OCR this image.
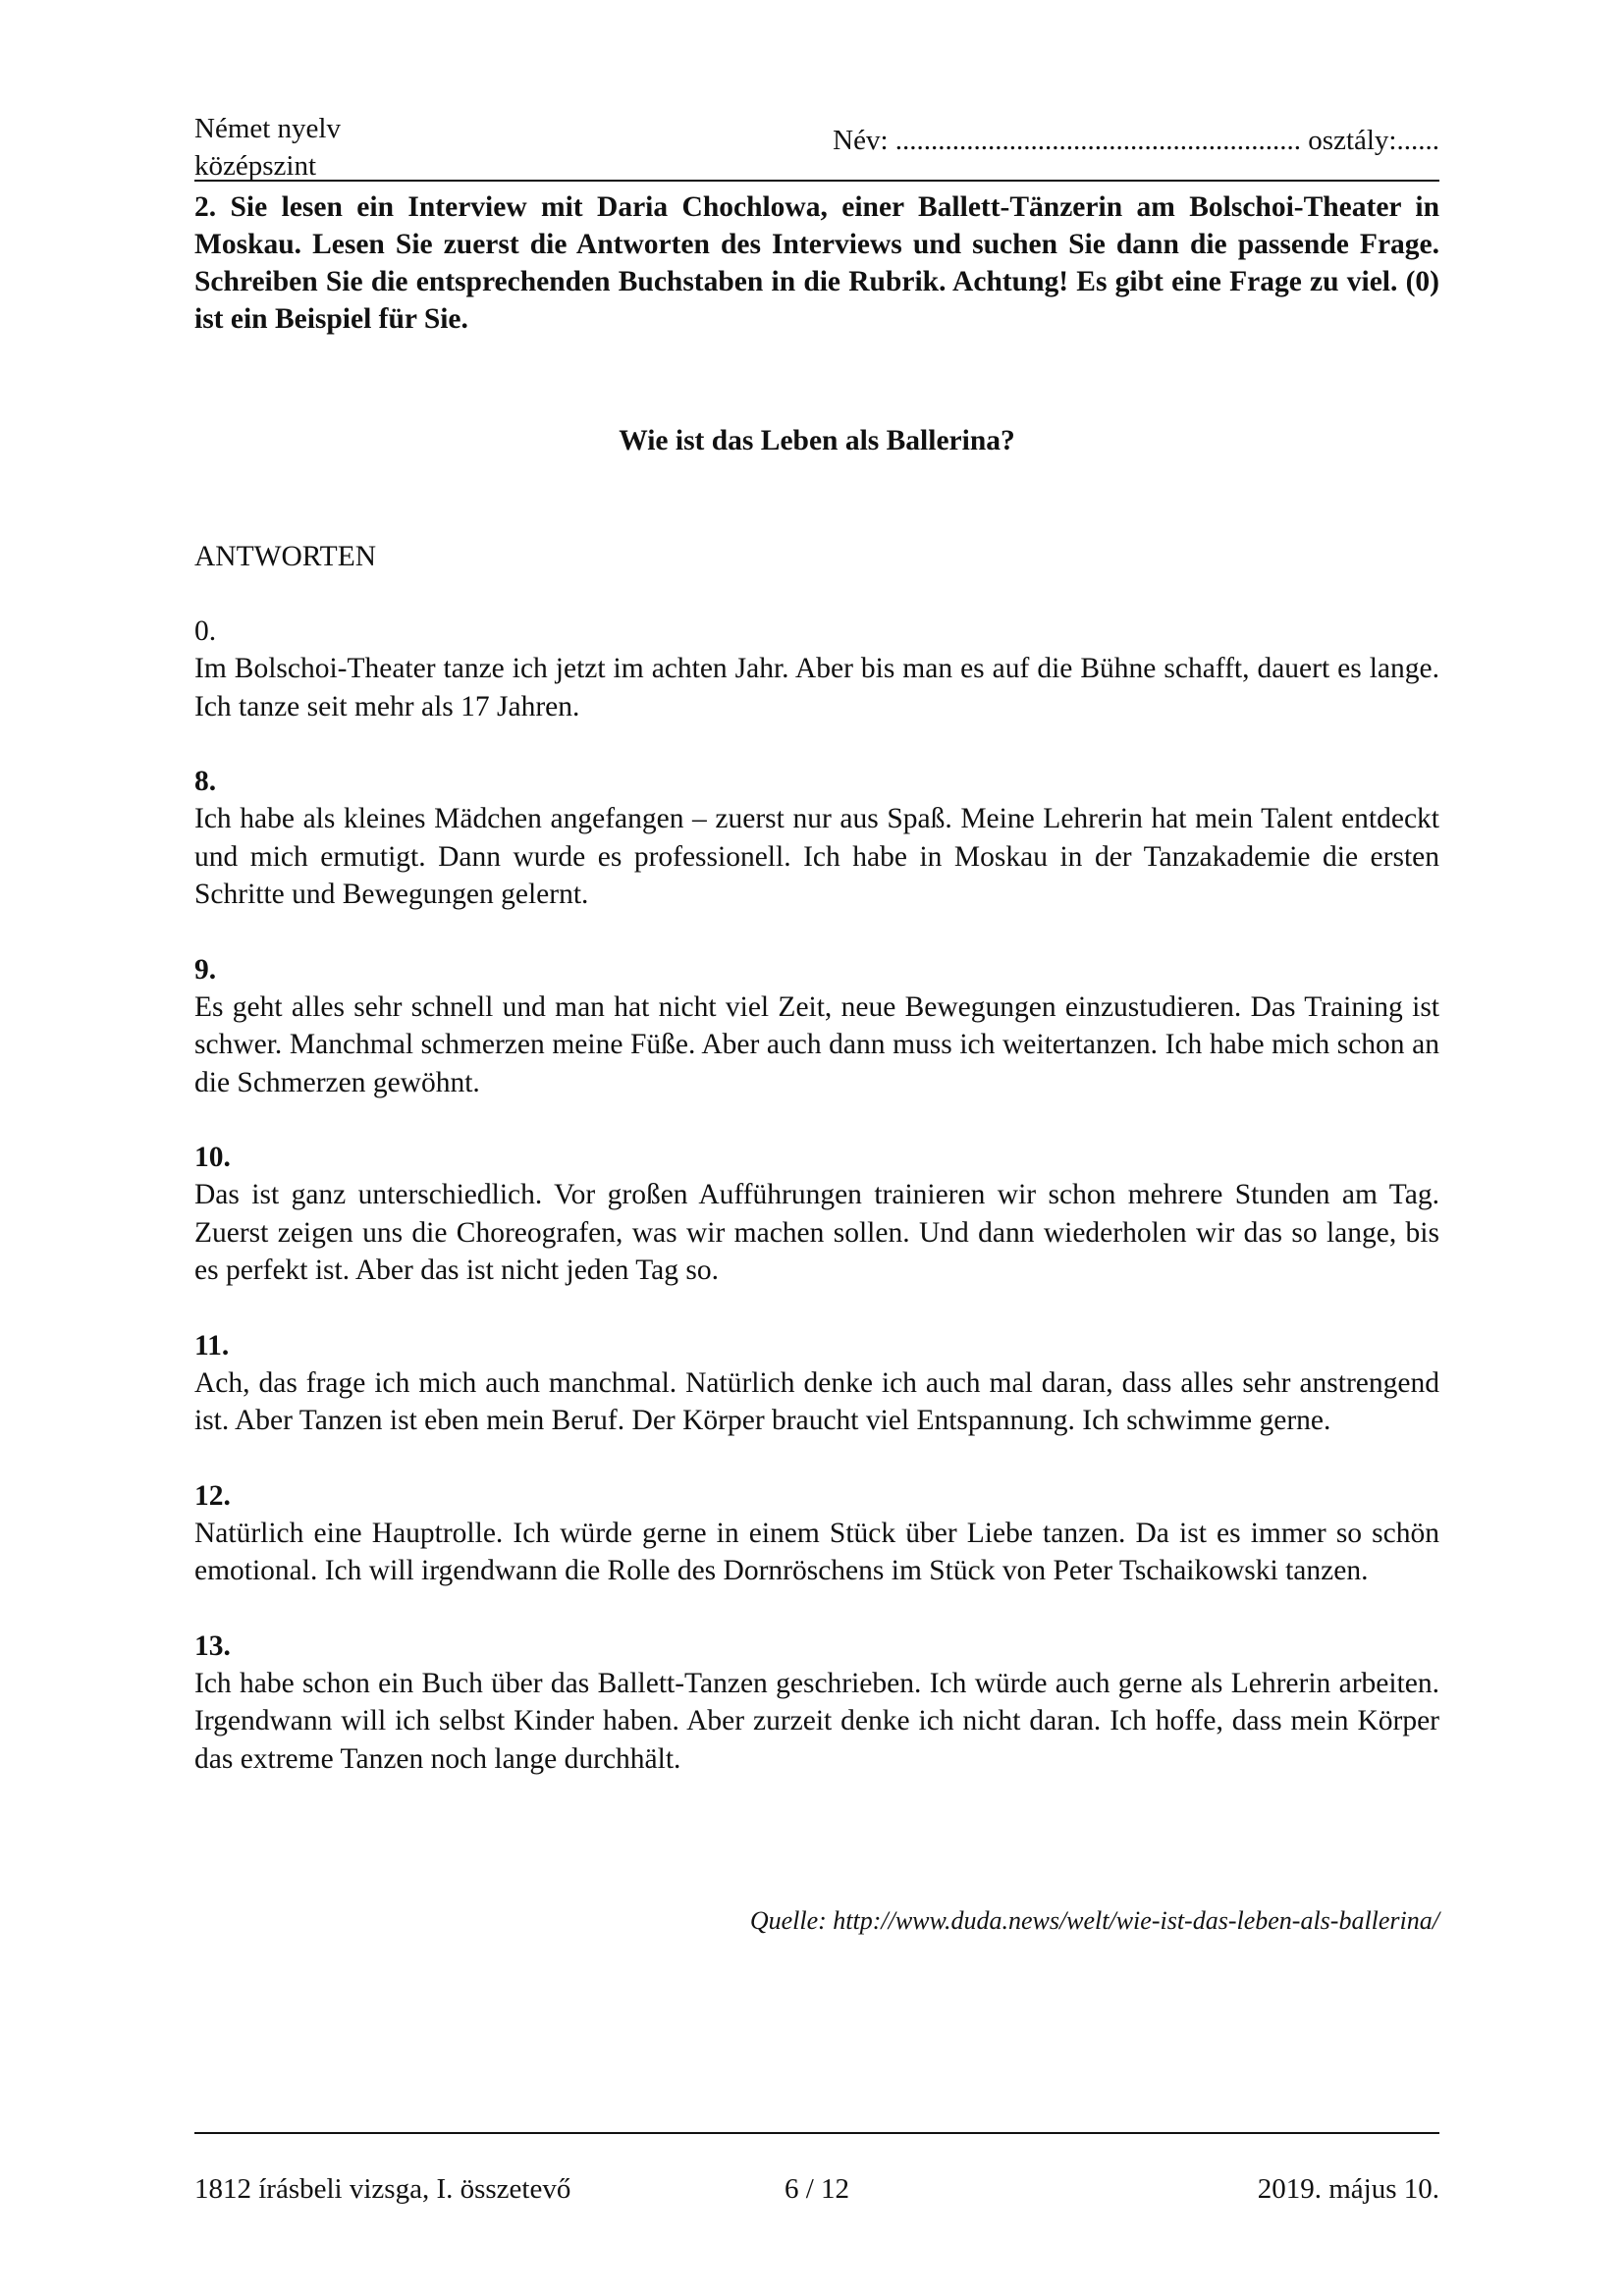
Német nyelv
középszint
Név: ......................................................... osztály:......
2. Sie lesen ein Interview mit Daria Chochlowa, einer Ballett-Tänzerin am Bolschoi-Theater in Moskau. Lesen Sie zuerst die Antworten des Interviews und suchen Sie dann die passende Frage. Schreiben Sie die entsprechenden Buchstaben in die Rubrik. Achtung! Es gibt eine Frage zu viel. (0) ist ein Beispiel für Sie.
Wie ist das Leben als Ballerina?
ANTWORTEN
0.
Im Bolschoi-Theater tanze ich jetzt im achten Jahr. Aber bis man es auf die Bühne schafft, dauert es lange. Ich tanze seit mehr als 17 Jahren.
8.
Ich habe als kleines Mädchen angefangen – zuerst nur aus Spaß. Meine Lehrerin hat mein Talent entdeckt und mich ermutigt. Dann wurde es professionell. Ich habe in Moskau in der Tanzakademie die ersten Schritte und Bewegungen gelernt.
9.
Es geht alles sehr schnell und man hat nicht viel Zeit, neue Bewegungen einzustudieren. Das Training ist schwer. Manchmal schmerzen meine Füße. Aber auch dann muss ich weitertanzen. Ich habe mich schon an die Schmerzen gewöhnt.
10.
Das ist ganz unterschiedlich. Vor großen Aufführungen trainieren wir schon mehrere Stunden am Tag. Zuerst zeigen uns die Choreografen, was wir machen sollen. Und dann wiederholen wir das so lange, bis es perfekt ist. Aber das ist nicht jeden Tag so.
11.
Ach, das frage ich mich auch manchmal. Natürlich denke ich auch mal daran, dass alles sehr anstrengend ist. Aber Tanzen ist eben mein Beruf. Der Körper braucht viel Entspannung. Ich schwimme gerne.
12.
Natürlich eine Hauptrolle. Ich würde gerne in einem Stück über Liebe tanzen. Da ist es immer so schön emotional. Ich will irgendwann die Rolle des Dornröschens im Stück von Peter Tschaikowski tanzen.
13.
Ich habe schon ein Buch über das Ballett-Tanzen geschrieben. Ich würde auch gerne als Lehrerin arbeiten. Irgendwann will ich selbst Kinder haben. Aber zurzeit denke ich nicht daran. Ich hoffe, dass mein Körper das extreme Tanzen noch lange durchhält.
Quelle: http://www.duda.news/welt/wie-ist-das-leben-als-ballerina/
1812 írásbeli vizsga, I. összetevő	6 / 12	2019. május 10.
